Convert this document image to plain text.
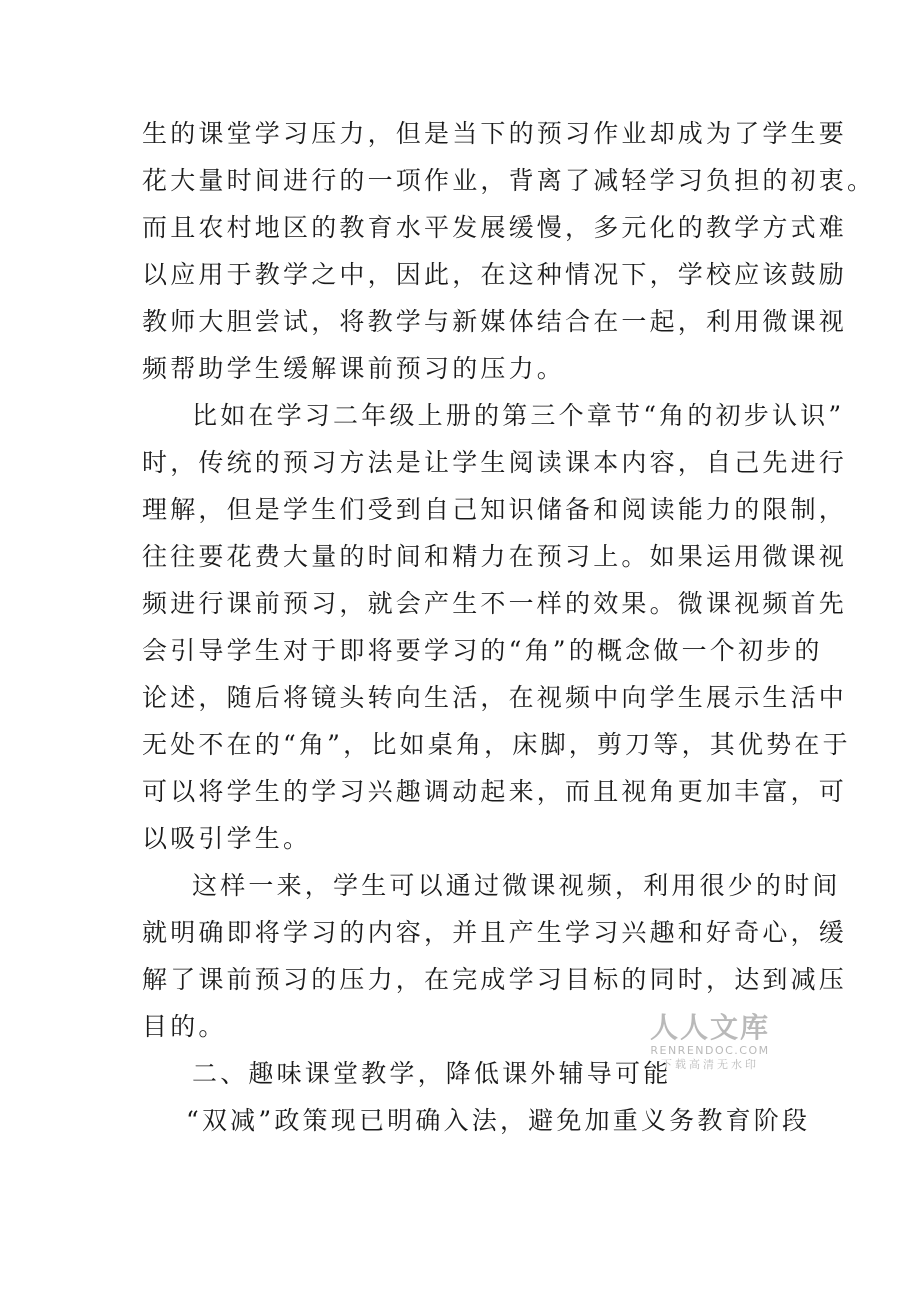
生的课堂学习压力，但是当下的预习作业却成为了学生要
花大量时间进行的一项作业，背离了减轻学习负担的初衷。
而且农村地区的教育水平发展缓慢，多元化的教学方式难
以应用于教学之中，因此，在这种情况下，学校应该鼓励
教师大胆尝试，将教学与新媒体结合在一起，利用微课视
频帮助学生缓解课前预习的压力。
比如在学习二年级上册的第三个章节“角的初步认识”
时，传统的预习方法是让学生阅读课本内容，自己先进行
理解，但是学生们受到自己知识储备和阅读能力的限制，
往往要花费大量的时间和精力在预习上。如果运用微课视
频进行课前预习，就会产生不一样的效果。微课视频首先
会引导学生对于即将要学习的“角”的概念做一个初步的
论述，随后将镜头转向生活，在视频中向学生展示生活中
无处不在的“角”，比如桌角，床脚，剪刀等，其优势在于
可以将学生的学习兴趣调动起来，而且视角更加丰富，可
以吸引学生。
这样一来，学生可以通过微课视频，利用很少的时间
就明确即将学习的内容，并且产生学习兴趣和好奇心，缓
解了课前预习的压力，在完成学习目标的同时，达到减压
目的。
二、趣味课堂教学，降低课外辅导可能
“双减”政策现已明确入法，避免加重义务教育阶段
人人文库
RENRENDOC.COM
下载高清无水印
